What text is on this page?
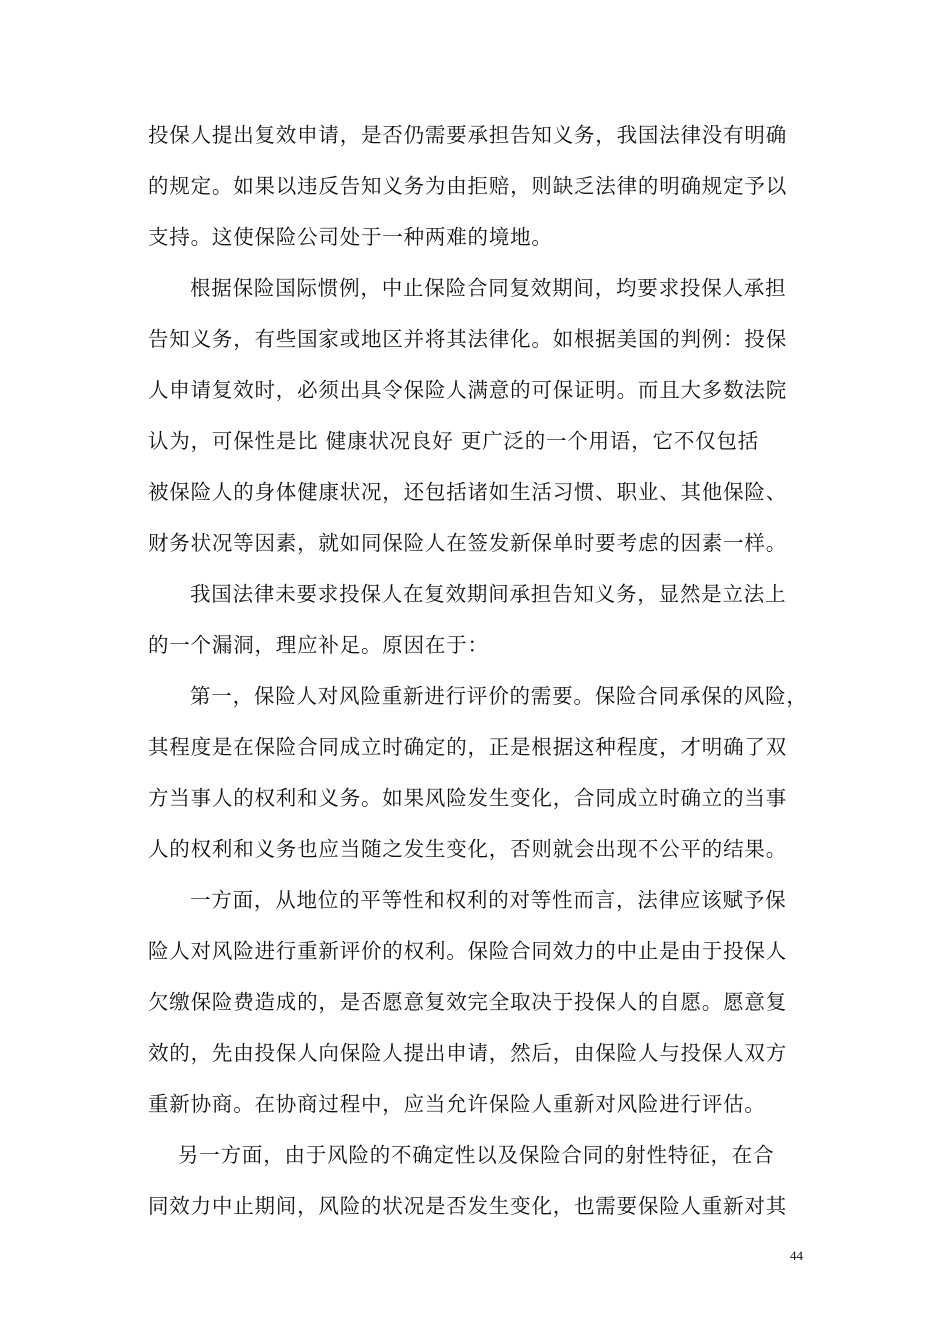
投保人提出复效申请，是否仍需要承担告知义务，我国法律没有明确
的规定。如果以违反告知义务为由拒赔，则缺乏法律的明确规定予以
支持。这使保险公司处于一种两难的境地。
根据保险国际惯例，中止保险合同复效期间，均要求投保人承担
告知义务，有些国家或地区并将其法律化。如根据美国的判例：投保
人申请复效时，必须出具令保险人满意的可保证明。而且大多数法院
认为，可保性是比 健康状况良好 更广泛的一个用语，它不仅包括
被保险人的身体健康状况，还包括诸如生活习惯、职业、其他保险、
财务状况等因素，就如同保险人在签发新保单时要考虑的因素一样。
我国法律未要求投保人在复效期间承担告知义务，显然是立法上
的一个漏洞，理应补足。原因在于：
第一，保险人对风险重新进行评价的需要。保险合同承保的风险，
其程度是在保险合同成立时确定的，正是根据这种程度，才明确了双
方当事人的权利和义务。如果风险发生变化，合同成立时确立的当事
人的权利和义务也应当随之发生变化，否则就会出现不公平的结果。
一方面，从地位的平等性和权利的对等性而言，法律应该赋予保
险人对风险进行重新评价的权利。保险合同效力的中止是由于投保人
欠缴保险费造成的，是否愿意复效完全取决于投保人的自愿。愿意复
效的，先由投保人向保险人提出申请，然后，由保险人与投保人双方
重新协商。在协商过程中，应当允许保险人重新对风险进行评估。
另一方面，由于风险的不确定性以及保险合同的射性特征，在合
同效力中止期间，风险的状况是否发生变化，也需要保险人重新对其
44
